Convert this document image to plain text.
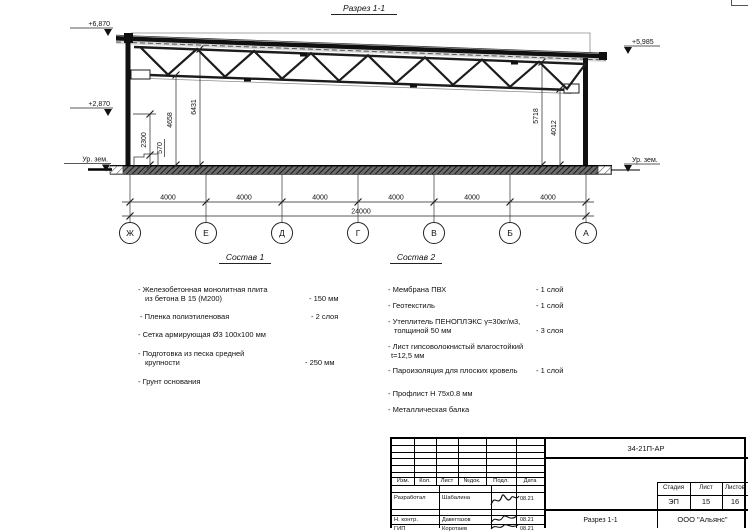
Разрез 1-1
4000	4000	4000	4000	4000	4000
24000
Ж	Е	Д	Г	В	Б	А
2300
570
4658
6431
5718
4012
+6,870
+2,870
Ур. зем.
+5,985
Ур. зем.
Состав 1
- Железобетонная монолитная плита
из бетона В 15 (М200)	- 150 мм
- Пленка полиэтиленовая	- 2 слоя
- Сетка армирующая Ø3 100х100 мм
- Подготовка из песка средней
крупности	- 250 мм
- Грунт основания
Состав 2
- Мембрана ПВХ	- 1 слой
- Геотекстиль	- 1 слой
- Утеплитель ПЕНОПЛЭКС γ=30кг/м3,
толщиной 50 мм	- 3 слоя
- Лист гипсоволокнистый влагостойкий
t=12,5 мм
- Пароизоляция для плоских кровель - 1 слой
- Профлист Н 75х0.8 мм
- Металлическая балка
34-21П-АР
Изм.	Кол.	Лист	№док.	Подл.	Дата
Разработал	Шабалина	08.21
Н. контр.	Давегтазов	08.21
ГИП	Коротаев	08.21
Стадия	Лист	Листов
ЭП	15	16
Разрез 1-1	ООО "Альянс"
